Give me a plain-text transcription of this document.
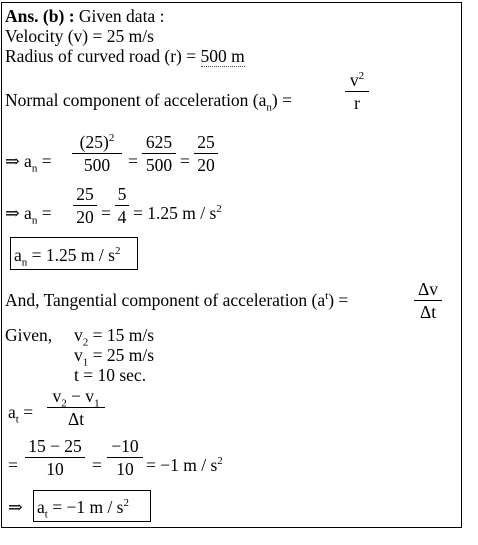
Ans. (b) : Given data :
Velocity (v) = 25 m/s
Radius of curved road (r) = 500 m
Normal component of acceleration $(a_n)$ =
$v^2$
r
⇒ $a_n$ =
$(25)^2$
500	=
625
500 =
25
20
⇒ $a_n$ =
25
20 =
5
4 = 1.25 m / $s^2$
$a_n = 1.25$ m / $s^2$
And, Tangential component of acceleration $(a^t)$ =
Δv
Δt
Given, $v_2 = 15$ m/s
$v_1 = 25$ m/s
t = 10 sec.
$a_t$ =
$v_2 - v_1$
Δt
=
15 − 25
10	=
−10
10 = −1 m / $s^2$
⇒ $a_t = -1$ m / $s^2$
